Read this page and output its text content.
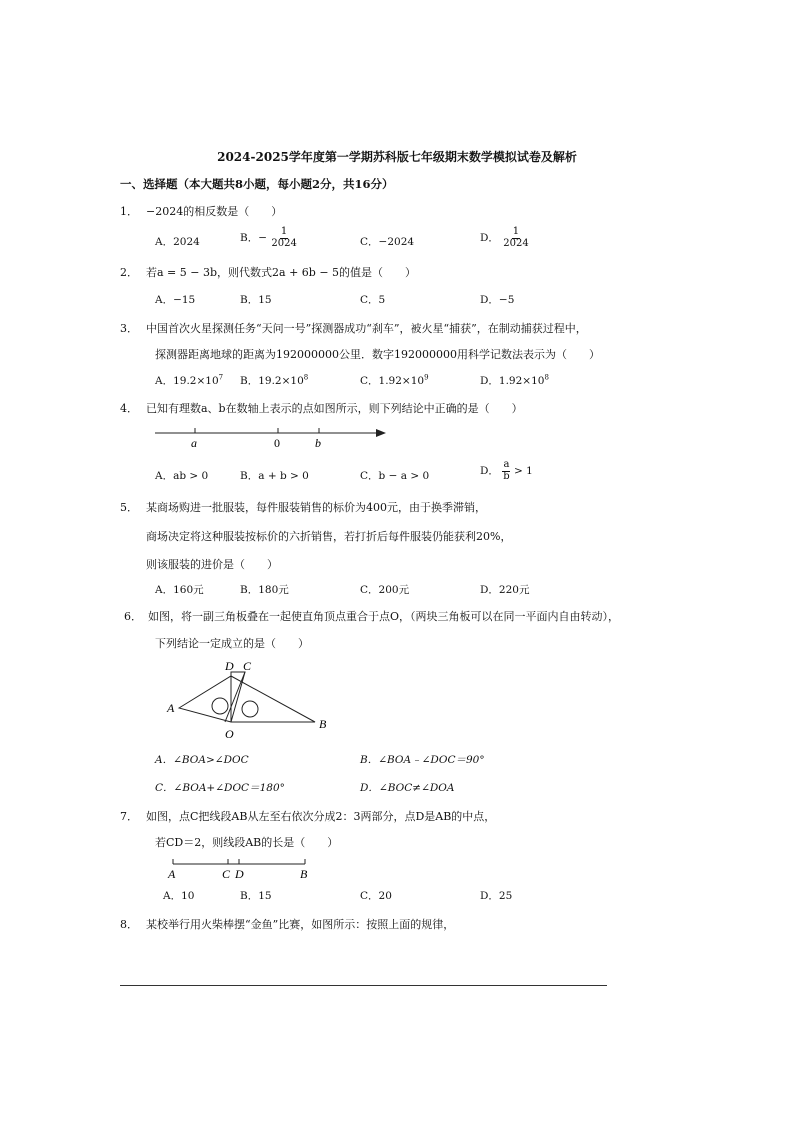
2024-2025学年度第一学期苏科版七年级期末数学模拟试卷及解析
一、选择题（本大题共8小题，每小题2分，共16分）
1． −2024的相反数是（　　）
A．2024	B．− $\frac{1}{2024}$	C．−2024	D． $\frac{1}{2024}$
2． 若a = 5 − 3b，则代数式2a + 6b − 5的值是（　　）
A．−15	B．15	C．5	D．−5
3． 中国首次火星探测任务“天问一号”探测器成功“刹车”，被火星“捕获”，在制动捕获过程中，
探测器距离地球的距离为192000000公里．数字192000000用科学记数法表示为（　　）
A．$19.2\times 10^7$ B．$19.2\times 10^8$	C．$1.92\times 10^9$	D．$1.92\times 10^8$
4． 已知有理数a、b在数轴上表示的点如图所示，则下列结论中正确的是（　　）
a	0	b
A．ab > 0	B．a + b > 0	C．b − a > 0	D． $\frac{a}{b} > 1$
5． 某商场购进一批服装，每件服装销售的标价为400元，由于换季滞销，
商场决定将这种服装按标价的六折销售，若打折后每件服装仍能获利20%，
则该服装的进价是（　　）
A．160元	B．180元	C．200元	D．220元
6． 如图，将一副三角板叠在一起使直角顶点重合于点O，（两块三角板可以在同一平面内自由转动），
下列结论一定成立的是（　　）
D C
A
O
B
A．∠BOA>∠DOC	B．∠BOA﹣∠DOC＝90°
C．∠BOA+∠DOC＝180°	D．∠BOC≠∠DOA
7． 如图，点C把线段AB从左至右依次分成2：3两部分，点D是AB的中点，
若CD＝2，则线段AB的长是（　　）
A	C D	B
A．10	B．15	C．20	D．25
8． 某校举行用火柴棒摆“金鱼”比赛，如图所示：按照上面的规律，
